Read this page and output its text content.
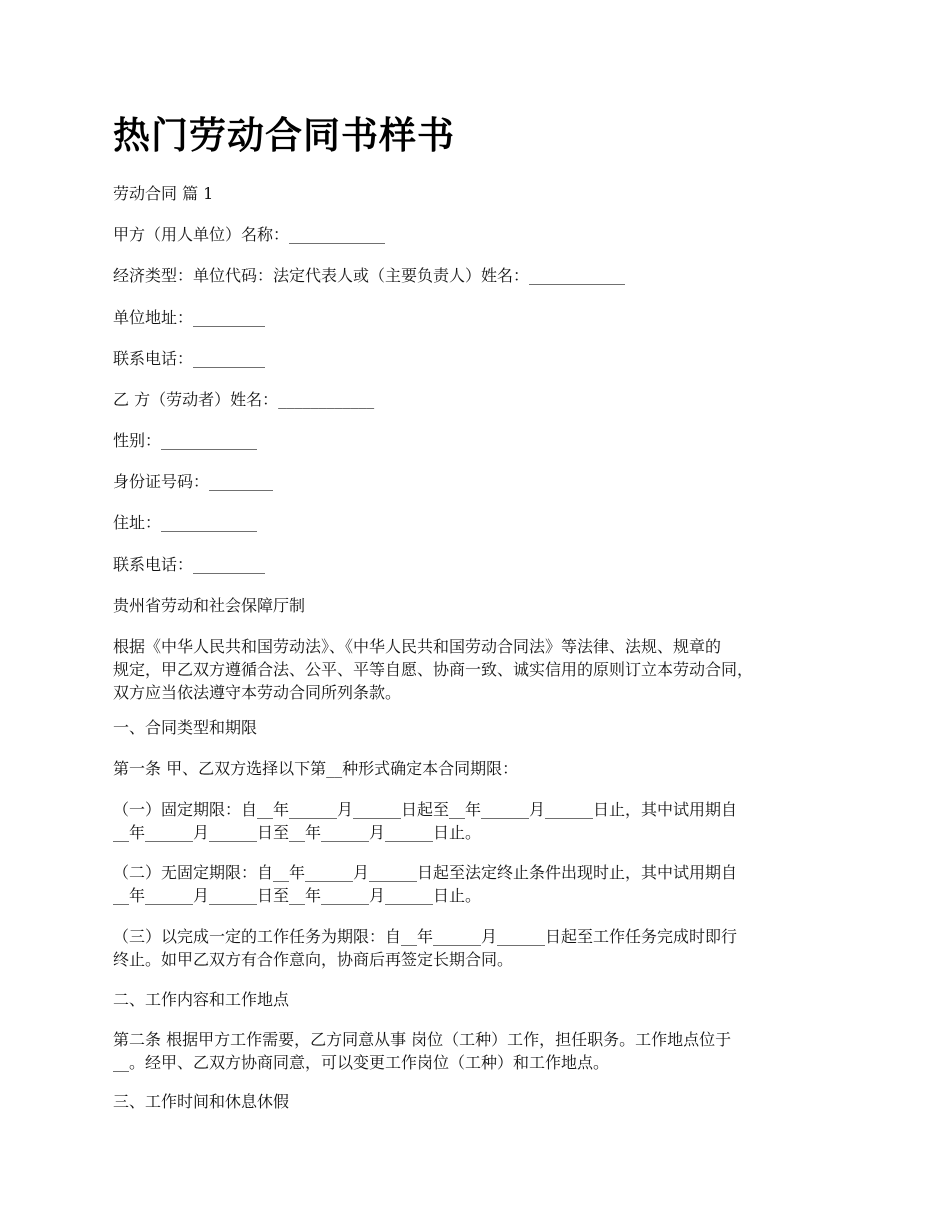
热门劳动合同书样书

劳动合同 篇 1

甲方（用人单位）名称：____________

经济类型：单位代码：法定代表人或（主要负责人）姓名：____________

单位地址：_________

联系电话：_________

乙 方（劳动者）姓名：____________

性别：____________

身份证号码：________

住址：____________

联系电话：_________

贵州省劳动和社会保障厅制

根据《中华人民共和国劳动法》、《中华人民共和国劳动合同法》等法律、法规、规章的
规定，甲乙双方遵循合法、公平、平等自愿、协商一致、诚实信用的原则订立本劳动合同，
双方应当依法遵守本劳动合同所列条款。

一、合同类型和期限

第一条 甲、乙双方选择以下第__种形式确定本合同期限：

（一）固定期限：自__年______月______日起至__年______月______日止，其中试用期自
__年______月______日至__年______月______日止。

（二）无固定期限：自__年______月______日起至法定终止条件出现时止，其中试用期自
__年______月______日至__年______月______日止。

（三）以完成一定的工作任务为期限：自__年______月______日起至工作任务完成时即行
终止。如甲乙双方有合作意向，协商后再签定长期合同。

二、工作内容和工作地点

第二条 根据甲方工作需要，乙方同意从事 岗位（工种）工作，担任职务。工作地点位于
__。经甲、乙双方协商同意，可以变更工作岗位（工种）和工作地点。

三、工作时间和休息休假
